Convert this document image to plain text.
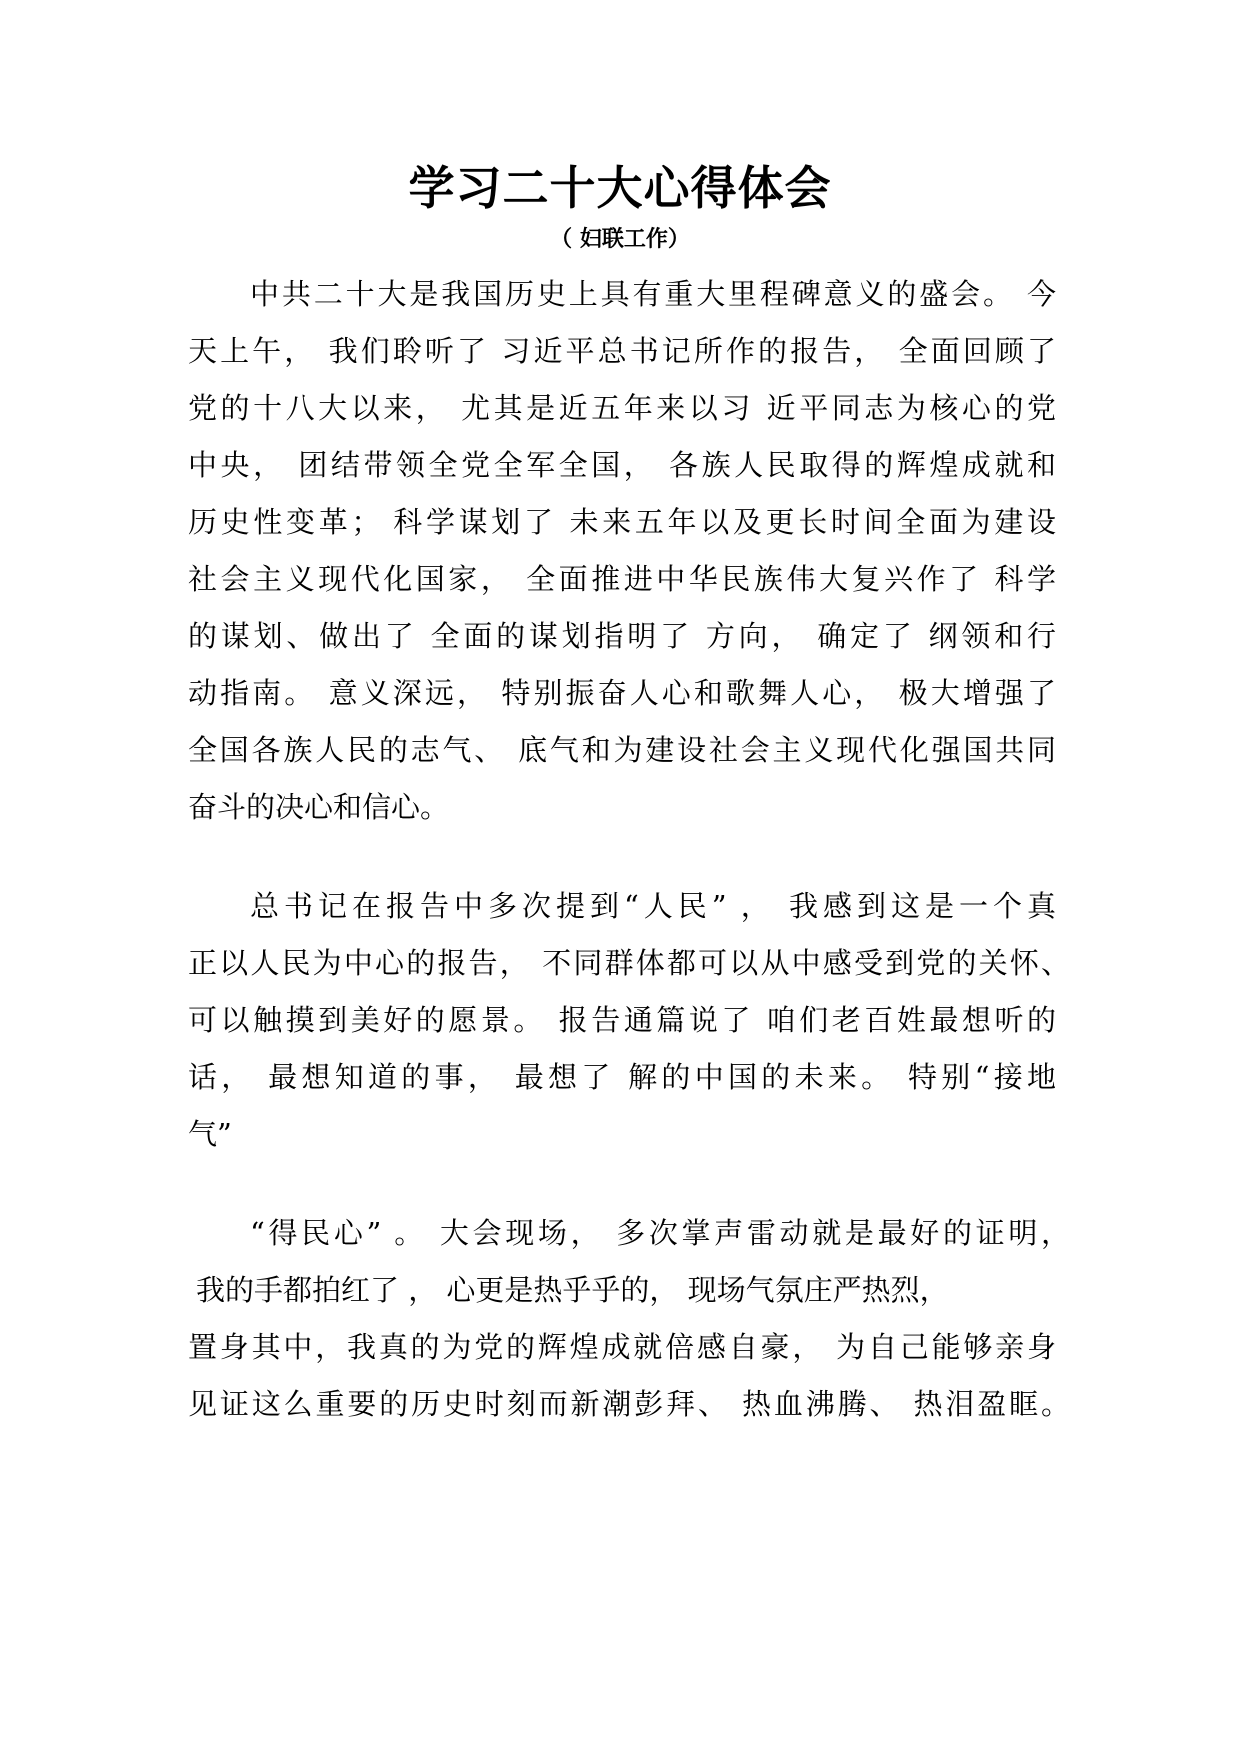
学习二十大心得体会
（ 妇联工作）
中共二十大是我国历史上具有重大里程碑意义的盛会。 今
天上午， 我们聆听了 习近平总书记所作的报告， 全面回顾了
党的十八大以来， 尤其是近五年来以习 近平同志为核心的党
中央， 团结带领全党全军全国， 各族人民取得的辉煌成就和
历史性变革； 科学谋划了 未来五年以及更长时间全面为建设
社会主义现代化国家， 全面推进中华民族伟大复兴作了 科学
的谋划、做出了 全面的谋划指明了 方向， 确定了 纲领和行
动指南。 意义深远， 特别振奋人心和歌舞人心， 极大增强了
全国各族人民的志气、 底气和为建设社会主义现代化强国共同
奋斗的决心和信心。
总书记在报告中多次提到“人民” ， 我感到这是一个真
正以人民为中心的报告， 不同群体都可以从中感受到党的关怀、
可以触摸到美好的愿景。 报告通篇说了 咱们老百姓最想听的
话， 最想知道的事， 最想了 解的中国的未来。 特别“接地
气”
“得民心” 。 大会现场， 多次掌声雷动就是最好的证明，
我的手都拍红了 ， 心更是热乎乎的， 现场气氛庄严热烈，
置身其中，我真的为党的辉煌成就倍感自豪， 为自己能够亲身
见证这么重要的历史时刻而新潮彭拜、 热血沸腾、 热泪盈眶。
